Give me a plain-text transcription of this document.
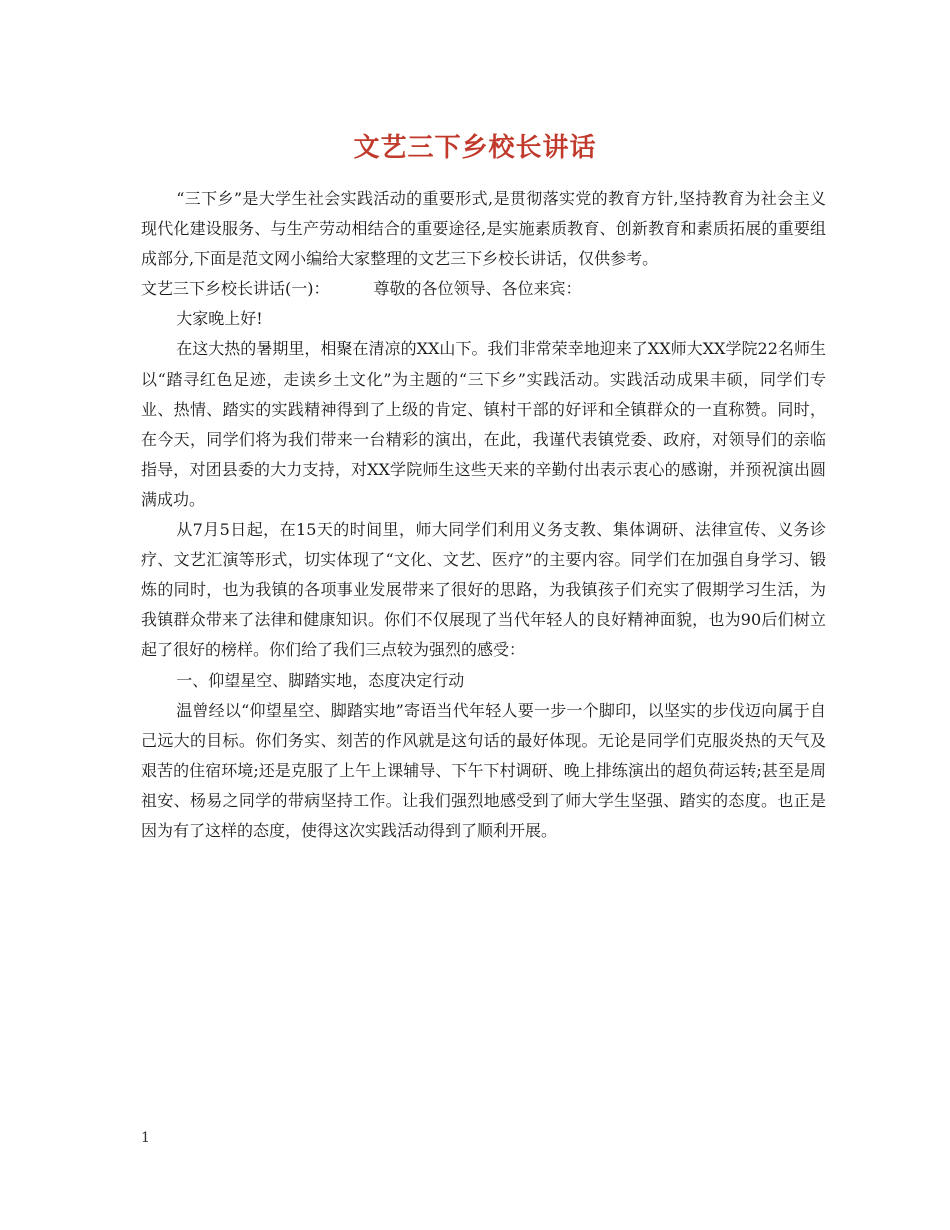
文艺三下乡校长讲话

“三下乡”是大学生社会实践活动的重要形式,是贯彻落实党的教育方针,坚持教育为社会主义现代化建设服务、与生产劳动相结合的重要途径,是实施素质教育、创新教育和素质拓展的重要组成部分,下面是范文网小编给大家整理的文艺三下乡校长讲话，仅供参考。

文艺三下乡校长讲话(一)：	尊敬的各位领导、各位来宾：

大家晚上好!

在这大热的暑期里，相聚在清凉的XX山下。我们非常荣幸地迎来了XX师大XX学院22名师生以“踏寻红色足迹，走读乡土文化”为主题的“三下乡”实践活动。实践活动成果丰硕，同学们专业、热情、踏实的实践精神得到了上级的肯定、镇村干部的好评和全镇群众的一直称赞。同时，在今天，同学们将为我们带来一台精彩的演出，在此，我谨代表镇党委、政府，对领导们的亲临指导，对团县委的大力支持，对XX学院师生这些天来的辛勤付出表示衷心的感谢，并预祝演出圆满成功。

从7月5日起，在15天的时间里，师大同学们利用义务支教、集体调研、法律宣传、义务诊疗、文艺汇演等形式，切实体现了“文化、文艺、医疗”的主要内容。同学们在加强自身学习、锻炼的同时，也为我镇的各项事业发展带来了很好的思路，为我镇孩子们充实了假期学习生活，为我镇群众带来了法律和健康知识。你们不仅展现了当代年轻人的良好精神面貌，也为90后们树立起了很好的榜样。你们给了我们三点较为强烈的感受：

一、仰望星空、脚踏实地，态度决定行动

温曾经以“仰望星空、脚踏实地”寄语当代年轻人要一步一个脚印，以坚实的步伐迈向属于自己远大的目标。你们务实、刻苦的作风就是这句话的最好体现。无论是同学们克服炎热的天气及艰苦的住宿环境;还是克服了上午上课辅导、下午下村调研、晚上排练演出的超负荷运转;甚至是周祖安、杨易之同学的带病坚持工作。让我们强烈地感受到了师大学生坚强、踏实的态度。也正是因为有了这样的态度，使得这次实践活动得到了顺利开展。

1
